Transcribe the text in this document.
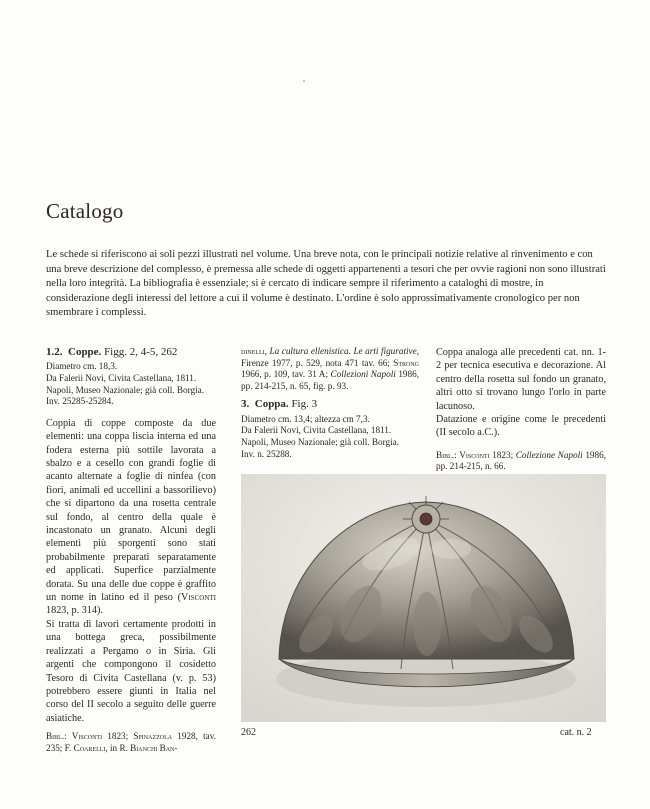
Catalogo
Le schede si riferiscono ai soli pezzi illustrati nel volume. Una breve nota, con le principali notizie relative al rinvenimento e con una breve descrizione del complesso, è premessa alle schede di oggetti appartenenti a tesori che per ovvie ragioni non sono illustrati nella loro integrità. La bibliografia è essenziale; si è cercato di indicare sempre il riferimento a cataloghi di mostre, in considerazione degli interessi del lettore a cui il volume è destinato. L'ordine è solo approssimativamente cronologico per non smembrare i complessi.
1.2. Coppe. Figg. 2, 4-5, 262

Diametro cm. 18,3.

Da Falerii Novi, Civita Castellana, 1811.

Napoli, Museo Nazionale; già coll. Borgia.

Inv. 25285-25284.

Coppia di coppe composte da due elementi: una coppa liscia interna ed una fodera esterna più sottile lavorata a sbalzo e a cesello con grandi foglie di acanto alternate a foglie di ninfea (con fiori, animali ed uccellini a bassorilievo) che si dipartono da una rosetta centrale sul fondo, al centro della quale è incastonato un granato. Alcuni degli elementi più sporgenti sono stati probabilmente preparati separatamente ed applicati. Superfice parzialmente dorata. Su una delle due coppe è graffito un nome in latino ed il peso (Visconti 1823, p. 314).

Si tratta di lavori certamente prodotti in una bottega greca, possibilmente realizzati a Pergamo o in Siria. Gli argenti che compongono il cosidetto Tesoro di Civita Castellana (v. p. 53) potrebbero essere giunti in Italia nel corso del II secolo a seguito delle guerre asiatiche.

Bibl.: Visconti 1823; Spinazzola 1928, tav. 235; F. Coarelli, in R. Bianchi Ban-
dinelli, La cultura ellenistica. Le arti figurative, Firenze 1977, p. 529, nota 471 tav. 66; Strong 1966, p. 109, tav. 31 A; Collezioni Napoli 1986, pp. 214-215, n. 65, fig. p. 93.
3. Coppa. Fig. 3

Diametro cm. 13,4; altezza cm 7,3.

Da Falerii Novi, Civita Castellana, 1811.

Napoli, Museo Nazionale; già coll. Borgia.

Inv. n. 25288.

Coppa analoga alle precedenti cat. nn. 1-2 per tecnica esecutiva e decorazione. Al centro della rosetta sul fondo un granato, altri otto si trovano lungo l'orlo in parte lacunoso.

Datazione e origine come le precedenti (II secolo a.C.).

Bibl.: Visconti 1823; Collezione Napoli 1986, pp. 214-215, n. 66.
262	cat. n. 2
